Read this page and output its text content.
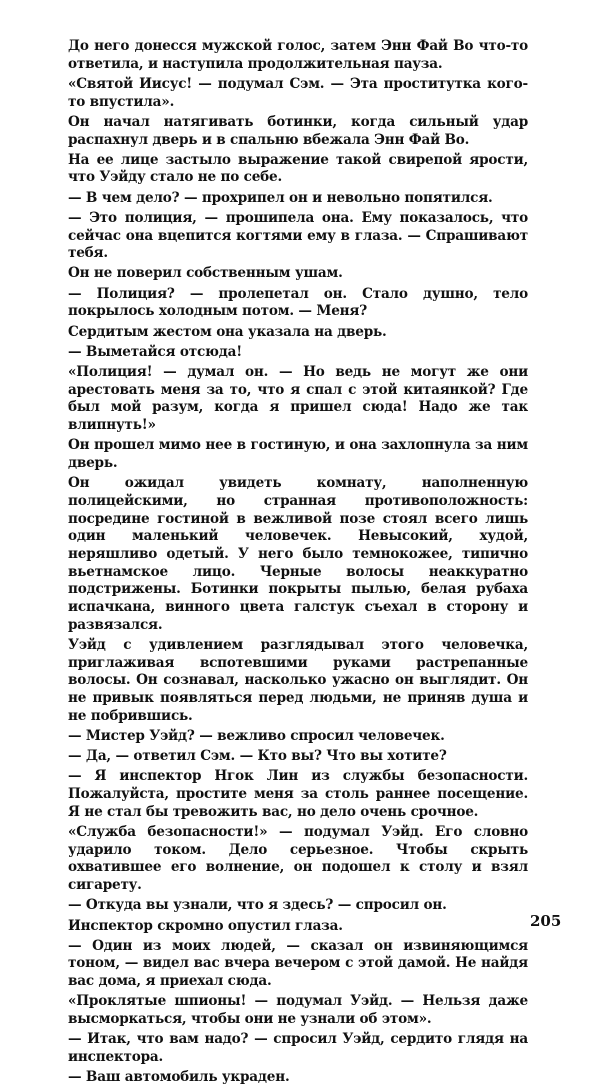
До него донесся мужской голос, затем Энн Фай Во что-то ответила, и наступила продолжительная пауза.

«Святой Иисус! — подумал Сэм. — Эта проститутка кого-то впустила».

Он начал натягивать ботинки, когда сильный удар распахнул дверь и в спальню вбежала Энн Фай Во.

На ее лице застыло выражение такой свирепой ярости, что Уэйду стало не по себе.

— В чем дело? — прохрипел он и невольно попятился.

— Это полиция, — прошипела она. Ему показалось, что сейчас она вцепится когтями ему в глаза. — Спрашивают тебя.

Он не поверил собственным ушам.

— Полиция? — пролепетал он. Стало душно, тело покрылось холодным потом. — Меня?

Сердитым жестом она указала на дверь.

— Выметайся отсюда!

«Полиция! — думал он. — Но ведь не могут же они арестовать меня за то, что я спал с этой китаянкой? Где был мой разум, когда я пришел сюда! Надо же так влипнуть!»

Он прошел мимо нее в гостиную, и она захлопнула за ним дверь.

Он ожидал увидеть комнату, наполненную полицейскими, но странная противоположность: посредине гостиной в вежливой позе стоял всего лишь один маленький человечек. Невысокий, худой, неряшливо одетый. У него было темнокожее, типично вьетнамское лицо. Черные волосы неаккуратно подстрижены. Ботинки покрыты пылью, белая рубаха испачкана, винного цвета галстук съехал в сторону и развязался.

Уэйд с удивлением разглядывал этого человечка, приглаживая вспотевшими руками растрепанные волосы. Он сознавал, насколько ужасно он выглядит. Он не привык появляться перед людьми, не приняв душа и не побрившись.

— Мистер Уэйд? — вежливо спросил человечек.

— Да, — ответил Сэм. — Кто вы? Что вы хотите?

— Я инспектор Нгок Лин из службы безопасности. Пожалуйста, простите меня за столь раннее посещение. Я не стал бы тревожить вас, но дело очень срочное.

«Служба безопасности!» — подумал Уэйд. Его словно ударило током. Дело серьезное. Чтобы скрыть охватившее его волнение, он подошел к столу и взял сигарету.

— Откуда вы узнали, что я здесь? — спросил он.

Инспектор скромно опустил глаза.

— Один из моих людей, — сказал он извиняющимся тоном, — видел вас вчера вечером с этой дамой. Не найдя вас дома, я приехал сюда.

«Проклятые шпионы! — подумал Уэйд. — Нельзя даже высморкаться, чтобы они не узнали об этом».

— Итак, что вам надо? — спросил Уэйд, сердито глядя на инспектора.

— Ваш автомобиль украден.

205
